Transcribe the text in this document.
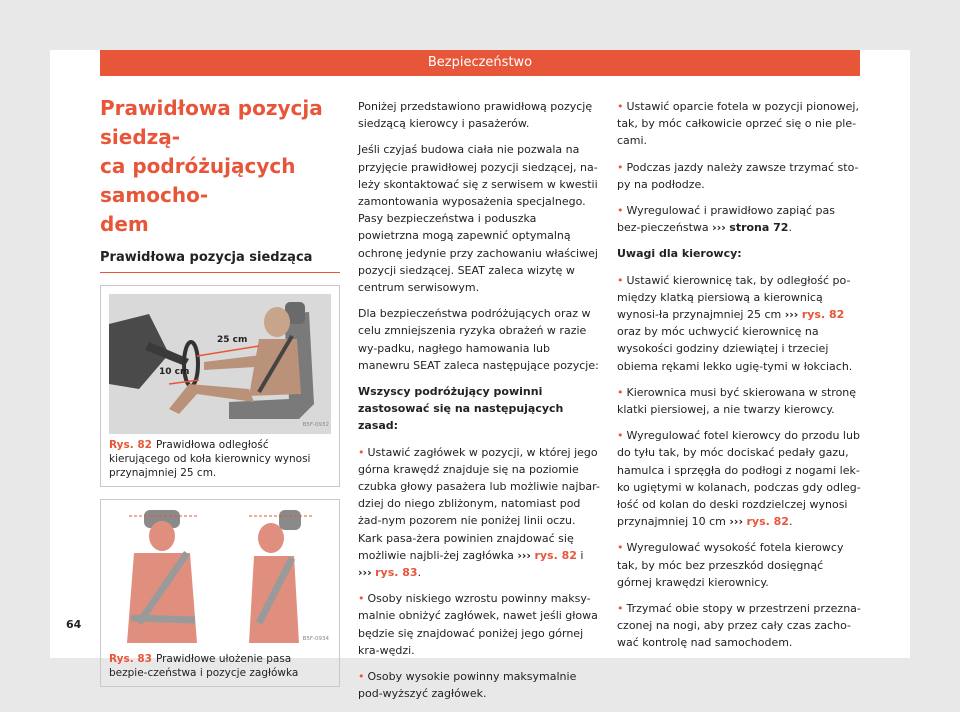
Bezpieczeństwo
Prawidłowa pozycja siedzą-
ca podróżujących samocho-
dem
Prawidłowa pozycja siedząca
25 cm
10 cm
B5F-0932
Rys. 82 Prawidłowa odległość kierującego od koła kierownicy wynosi przynajmniej 25 cm.
B5F-0934
Rys. 83 Prawidłowe ułożenie pasa bezpie-czeństwa i pozycje zagłówka

Poniżej przedstawiono prawidłową pozycję siedzącą kierowcy i pasażerów.

Jeśli czyjaś budowa ciała nie pozwala na przyjęcie prawidłowej pozycji siedzącej, na-leży skontaktować się z serwisem w kwestii zamontowania wyposażenia specjalnego. Pasy bezpieczeństwa i poduszka powietrzna mogą zapewnić optymalną ochronę jedynie przy zachowaniu właściwej pozycji siedzącej. SEAT zaleca wizytę w centrum serwisowym.

Dla bezpieczeństwa podróżujących oraz w celu zmniejszenia ryzyka obrażeń w razie wy-padku, nagłego hamowania lub manewru SEAT zaleca następujące pozycje:

Wszyscy podróżujący powinni zastosować się na następujących zasad:
• Ustawić zagłówek w pozycji, w której jego górna krawędź znajduje się na poziomie czubka głowy pasażera lub możliwie najbar-dziej do niego zbliżonym, natomiast pod żad-nym pozorem nie poniżej linii oczu. Kark pasa-żera powinien znajdować się możliwie najbli-żej zagłówka ››› rys. 82 i ››› rys. 83.
• Osoby niskiego wzrostu powinny maksy-malnie obniżyć zagłówek, nawet jeśli głowa będzie się znajdować poniżej jego górnej kra-wędzi.
• Osoby wysokie powinny maksymalnie pod-wyższyć zagłówek.
• Ustawić oparcie fotela w pozycji pionowej, tak, by móc całkowicie oprzeć się o nie ple-cami.
• Podczas jazdy należy zawsze trzymać sto-py na podłodze.
• Wyregulować i prawidłowo zapiąć pas bez-pieczeństwa ››› strona 72.
Uwagi dla kierowcy:
• Ustawić kierownicę tak, by odległość po-między klatką piersiową a kierownicą wynosi-ła przynajmniej 25 cm ››› rys. 82 oraz by móc uchwycić kierownicę na wysokości godziny dziewiątej i trzeciej obiema rękami lekko ugię-tymi w łokciach.
• Kierownica musi być skierowana w stronę klatki piersiowej, a nie twarzy kierowcy.
• Wyregulować fotel kierowcy do przodu lub do tyłu tak, by móc dociskać pedały gazu, hamulca i sprzęgła do podłogi z nogami lek-ko ugiętymi w kolanach, podczas gdy odleg-łość od kolan do deski rozdzielczej wynosi przynajmniej 10 cm ››› rys. 82.
• Wyregulować wysokość fotela kierowcy tak, by móc bez przeszkód dosięgnąć górnej krawędzi kierownicy.
• Trzymać obie stopy w przestrzeni przezna-czonej na nogi, aby przez cały czas zacho-wać kontrolę nad samochodem.
64
